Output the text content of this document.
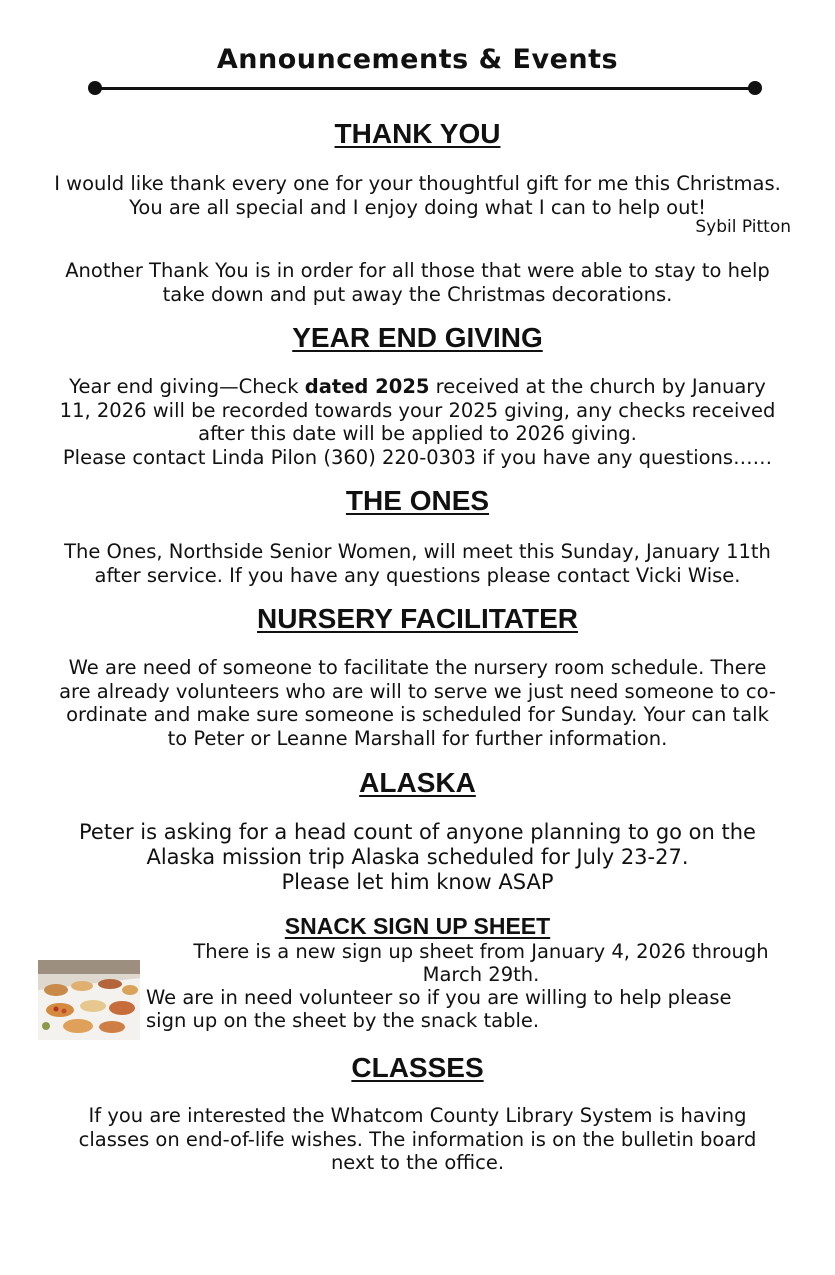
Announcements & Events
THANK YOU
I would like thank every one for your thoughtful gift for me this Christmas.
You are all special and I enjoy doing what I can to help out!
Sybil Pitton
Another Thank You is in order for all those that were able to stay to help
take down and put away the Christmas decorations.
YEAR END GIVING
Year end giving—Check dated 2025 received at the church by January
11, 2026 will be recorded towards your 2025 giving, any checks received
after this date will be applied to 2026 giving.
Please contact Linda Pilon (360) 220-0303 if you have any questions……
THE ONES
The Ones, Northside Senior Women, will meet this Sunday, January 11th
after service. If you have any questions please contact Vicki Wise.
NURSERY FACILITATER
We are need of someone to facilitate the nursery room schedule. There
are already volunteers who are will to serve we just need someone to co-
ordinate and make sure someone is scheduled for Sunday. Your can talk
to Peter or Leanne Marshall for further information.
ALASKA
Peter is asking for a head count of anyone planning to go on the
Alaska mission trip Alaska scheduled for July 23-27.
Please let him know ASAP
SNACK SIGN UP SHEET
There is a new sign up sheet from January 4, 2026 through
March 29th.
We are in need volunteer so if you are willing to help please
sign up on the sheet by the snack table.
CLASSES
If you are interested the Whatcom County Library System is having
classes on end-of-life wishes. The information is on the bulletin board
next to the office.
